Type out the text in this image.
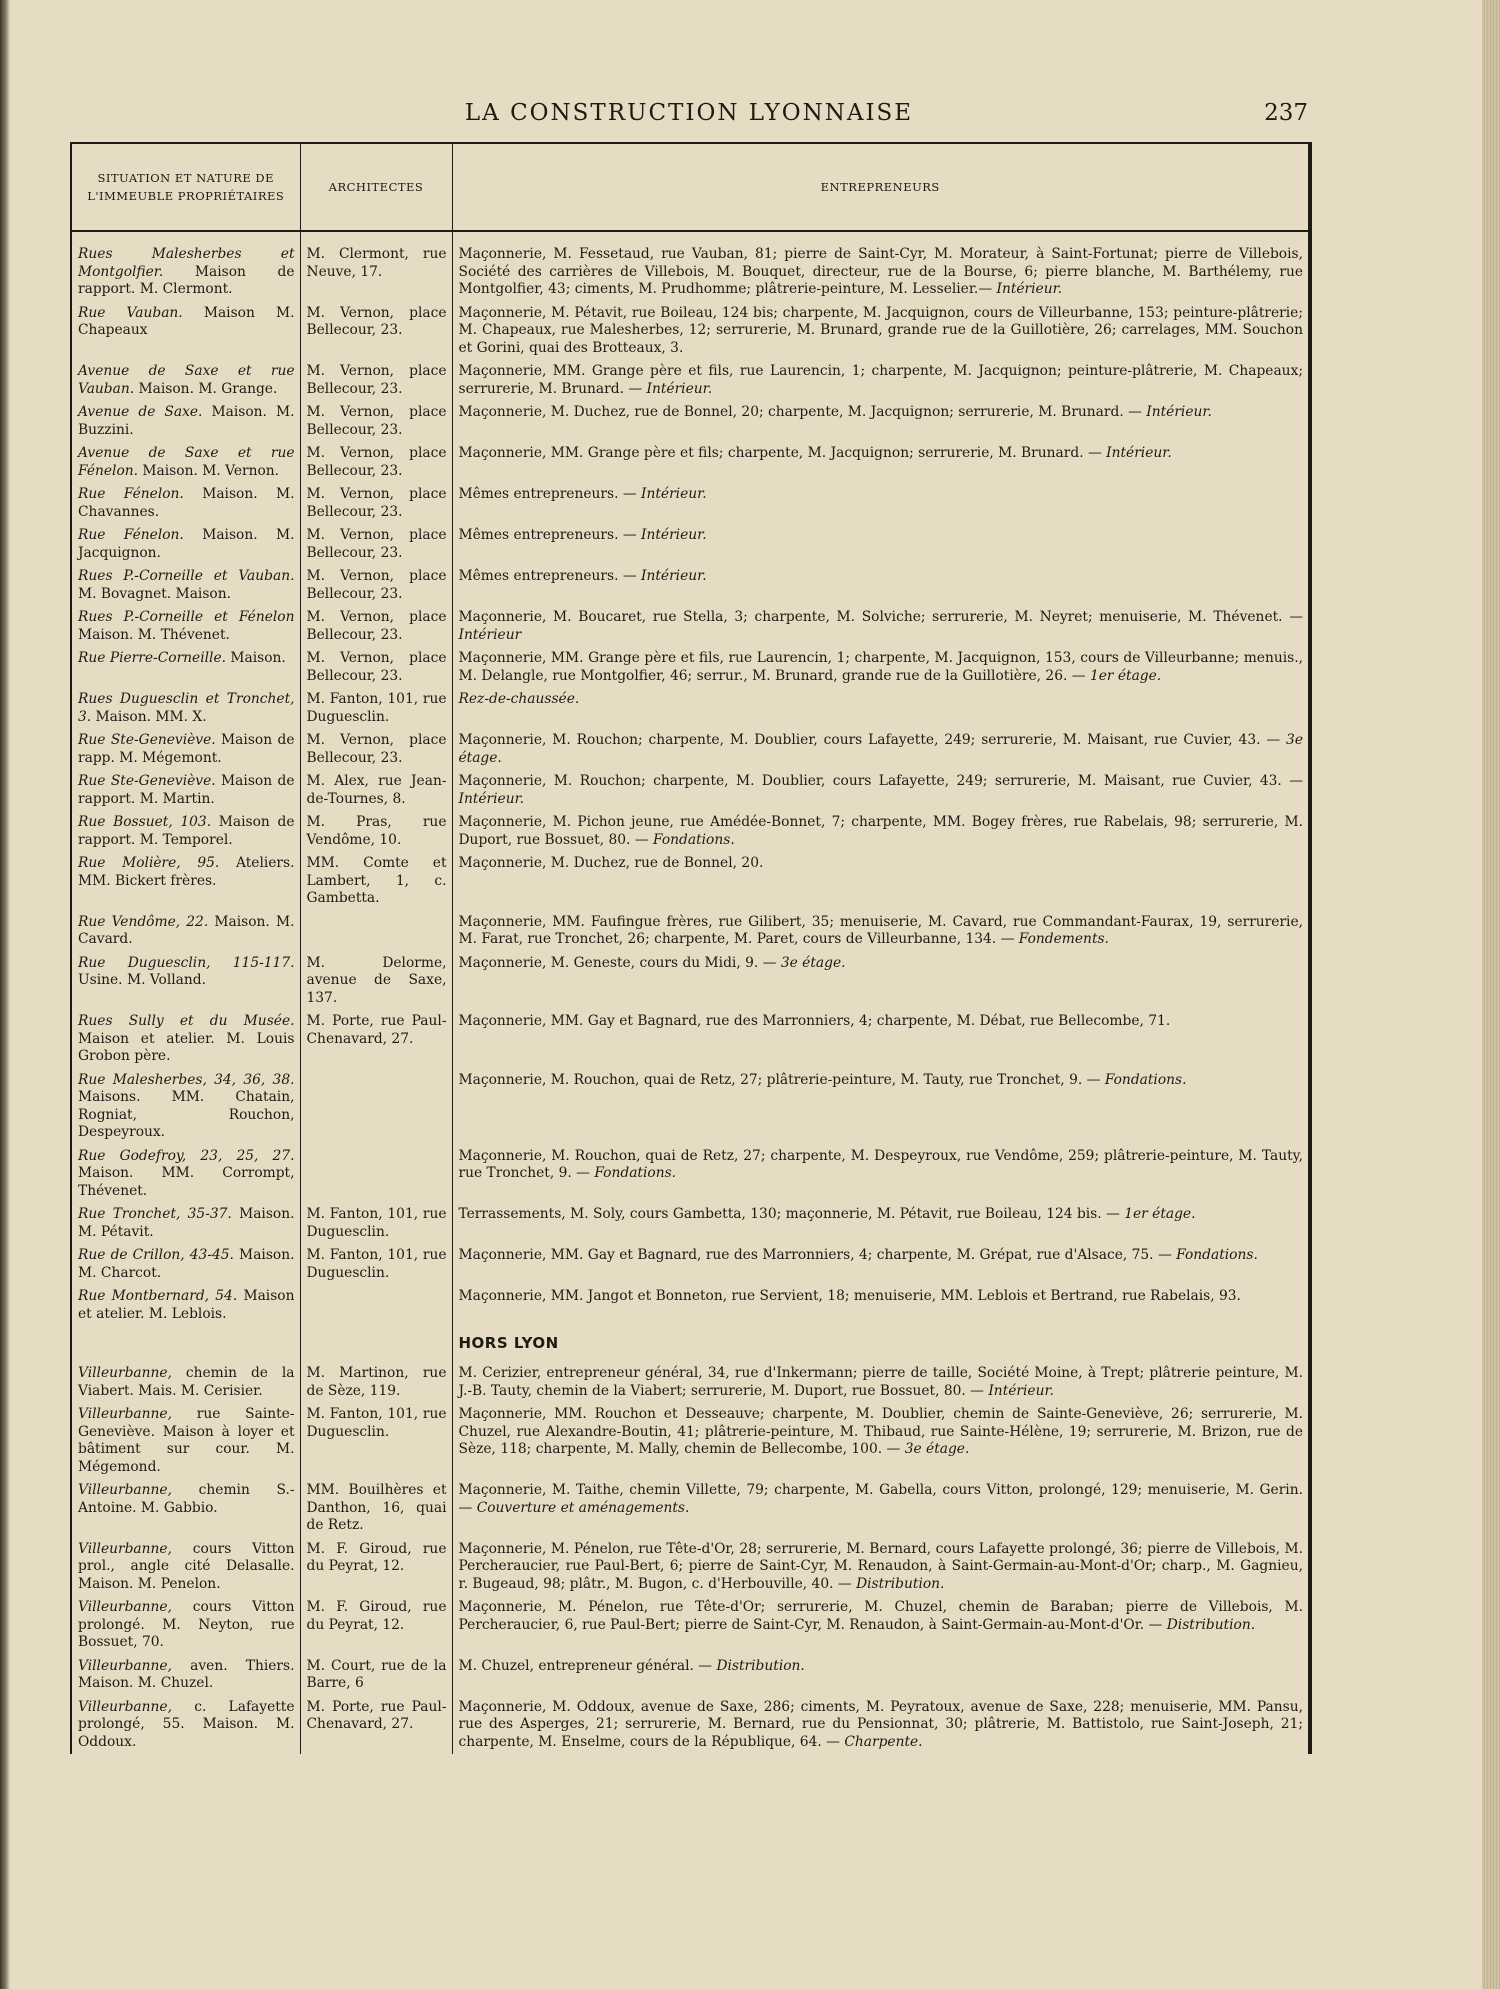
LA CONSTRUCTION LYONNAISE	237
SITUATION ET NATURE DE L'IMMEUBLE PROPRIÉTAIRES	ARCHITECTES	ENTREPRENEURS
Rues Malesherbes et Montgolfier. Maison de rapport. M. Clermont.	M. Clermont, rue Neuve, 17.	Maçonnerie, M. Fessetaud, rue Vauban, 81; pierre de Saint-Cyr, M. Morateur, à Saint-Fortunat; pierre de Villebois, Société des carrières de Villebois, M. Bouquet, directeur, rue de la Bourse, 6; pierre blanche, M. Barthélemy, rue Montgolfier, 43; ciments, M. Prudhomme; plâtrerie-peinture, M. Lesselier.— Intérieur.
Rue Vauban. Maison M. Chapeaux	M. Vernon, place Bellecour, 23.	Maçonnerie, M. Pétavit, rue Boileau, 124 bis; charpente, M. Jacquignon, cours de Villeurbanne, 153; peinture-plâtrerie; M. Chapeaux, rue Malesherbes, 12; serrurerie, M. Brunard, grande rue de la Guillotière, 26; carrelages, MM. Souchon et Gorini, quai des Brotteaux, 3.
Avenue de Saxe et rue Vauban. Maison. M. Grange.	M. Vernon, place Bellecour, 23.	Maçonnerie, MM. Grange père et fils, rue Laurencin, 1; charpente, M. Jacquignon; peinture-plâtrerie, M. Chapeaux; serrurerie, M. Brunard. — Intérieur.
Avenue de Saxe. Maison. M. Buzzini.	M. Vernon, place Bellecour, 23.	Maçonnerie, M. Duchez, rue de Bonnel, 20; charpente, M. Jacquignon; serrurerie, M. Brunard. — Intérieur.
Avenue de Saxe et rue Fénelon. Maison. M. Vernon.	M. Vernon, place Bellecour, 23.	Maçonnerie, MM. Grange père et fils; charpente, M. Jacquignon; serrurerie, M. Brunard. — Intérieur.
Rue Fénelon. Maison. M. Chavannes.	M. Vernon, place Bellecour, 23.	Mêmes entrepreneurs. — Intérieur.
Rue Fénelon. Maison. M. Jacquignon.	M. Vernon, place Bellecour, 23.	Mêmes entrepreneurs. — Intérieur.
Rues P.-Corneille et Vauban. M. Bovagnet. Maison.	M. Vernon, place Bellecour, 23.	Mêmes entrepreneurs. — Intérieur.
Rues P.-Corneille et Fénelon Maison. M. Thévenet.	M. Vernon, place Bellecour, 23.	Maçonnerie, M. Boucaret, rue Stella, 3; charpente, M. Solviche; serrurerie, M. Neyret; menuiserie, M. Thévenet. — Intérieur
Rue Pierre-Corneille. Maison.	M. Vernon, place Bellecour, 23.	Maçonnerie, MM. Grange père et fils, rue Laurencin, 1; charpente, M. Jacquignon, 153, cours de Villeurbanne; menuis., M. Delangle, rue Montgolfier, 46; serrur., M. Brunard, grande rue de la Guillotière, 26. — 1er étage.
Rues Duguesclin et Tronchet, 3. Maison. MM. X.	M. Fanton, 101, rue Duguesclin.	Rez-de-chaussée.
Rue Ste-Geneviève. Maison de rapp. M. Mégemont.	M. Vernon, place Bellecour, 23.	Maçonnerie, M. Rouchon; charpente, M. Doublier, cours Lafayette, 249; serrurerie, M. Maisant, rue Cuvier, 43. — 3e étage.
Rue Ste-Geneviève. Maison de rapport. M. Martin.	M. Alex, rue Jean-de-Tournes, 8.	Maçonnerie, M. Rouchon; charpente, M. Doublier, cours Lafayette, 249; serrurerie, M. Maisant, rue Cuvier, 43. — Intérieur.
Rue Bossuet, 103. Maison de rapport. M. Temporel.	M. Pras, rue Vendôme, 10.	Maçonnerie, M. Pichon jeune, rue Amédée-Bonnet, 7; charpente, MM. Bogey frères, rue Rabelais, 98; serrurerie, M. Duport, rue Bossuet, 80. — Fondations.
Rue Molière, 95. Ateliers. MM. Bickert frères.	MM. Comte et Lambert, 1, c. Gambetta.	Maçonnerie, M. Duchez, rue de Bonnel, 20.
Rue Vendôme, 22. Maison. M. Cavard.		Maçonnerie, MM. Faufingue frères, rue Gilibert, 35; menuiserie, M. Cavard, rue Commandant-Faurax, 19, serrurerie, M. Farat, rue Tronchet, 26; charpente, M. Paret, cours de Villeurbanne, 134. — Fondements.
Rue Duguesclin, 115-117. Usine. M. Volland.	M. Delorme, avenue de Saxe, 137.	Maçonnerie, M. Geneste, cours du Midi, 9. — 3e étage.
Rues Sully et du Musée. Maison et atelier. M. Louis Grobon père.	M. Porte, rue Paul-Chenavard, 27.	Maçonnerie, MM. Gay et Bagnard, rue des Marronniers, 4; charpente, M. Débat, rue Bellecombe, 71.
Rue Malesherbes, 34, 36, 38. Maisons. MM. Chatain, Rogniat, Rouchon, Despeyroux.		Maçonnerie, M. Rouchon, quai de Retz, 27; plâtrerie-peinture, M. Tauty, rue Tronchet, 9. — Fondations.
Rue Godefroy, 23, 25, 27. Maison. MM. Corrompt, Thévenet.		Maçonnerie, M. Rouchon, quai de Retz, 27; charpente, M. Despeyroux, rue Vendôme, 259; plâtrerie-peinture, M. Tauty, rue Tronchet, 9. — Fondations.
Rue Tronchet, 35-37. Maison. M. Pétavit.	M. Fanton, 101, rue Duguesclin.	Terrassements, M. Soly, cours Gambetta, 130; maçonnerie, M. Pétavit, rue Boileau, 124 bis. — 1er étage.
Rue de Crillon, 43-45. Maison. M. Charcot.	M. Fanton, 101, rue Duguesclin.	Maçonnerie, MM. Gay et Bagnard, rue des Marronniers, 4; charpente, M. Grépat, rue d'Alsace, 75. — Fondations.
Rue Montbernard, 54. Maison et atelier. M. Leblois.		Maçonnerie, MM. Jangot et Bonneton, rue Servient, 18; menuiserie, MM. Leblois et Bertrand, rue Rabelais, 93.
		HORS LYON
Villeurbanne, chemin de la Viabert. Mais. M. Cerisier.	M. Martinon, rue de Sèze, 119.	M. Cerizier, entrepreneur général, 34, rue d'Inkermann; pierre de taille, Société Moine, à Trept; plâtrerie peinture, M. J.-B. Tauty, chemin de la Viabert; serrurerie, M. Duport, rue Bossuet, 80. — Intérieur.
Villeurbanne, rue Sainte-Geneviève. Maison à loyer et bâtiment sur cour. M. Mégemond.	M. Fanton, 101, rue Duguesclin.	Maçonnerie, MM. Rouchon et Desseauve; charpente, M. Doublier, chemin de Sainte-Geneviève, 26; serrurerie, M. Chuzel, rue Alexandre-Boutin, 41; plâtrerie-peinture, M. Thibaud, rue Sainte-Hélène, 19; serrurerie, M. Brizon, rue de Sèze, 118; charpente, M. Mally, chemin de Bellecombe, 100. — 3e étage.
Villeurbanne, chemin S.-Antoine. M. Gabbio.	MM. Bouilhères et Danthon, 16, quai de Retz.	Maçonnerie, M. Taithe, chemin Villette, 79; charpente, M. Gabella, cours Vitton, prolongé, 129; menuiserie, M. Gerin. — Couverture et aménagements.
Villeurbanne, cours Vitton prol., angle cité Delasalle. Maison. M. Penelon.	M. F. Giroud, rue du Peyrat, 12.	Maçonnerie, M. Pénelon, rue Tête-d'Or, 28; serrurerie, M. Bernard, cours Lafayette prolongé, 36; pierre de Villebois, M. Percheraucier, rue Paul-Bert, 6; pierre de Saint-Cyr, M. Renaudon, à Saint-Germain-au-Mont-d'Or; charp., M. Gagnieu, r. Bugeaud, 98; plâtr., M. Bugon, c. d'Herbouville, 40. — Distribution.
Villeurbanne, cours Vitton prolongé. M. Neyton, rue Bossuet, 70.	M. F. Giroud, rue du Peyrat, 12.	Maçonnerie, M. Pénelon, rue Tête-d'Or; serrurerie, M. Chuzel, chemin de Baraban; pierre de Villebois, M. Percheraucier, 6, rue Paul-Bert; pierre de Saint-Cyr, M. Renaudon, à Saint-Germain-au-Mont-d'Or. — Distribution.
Villeurbanne, aven. Thiers. Maison. M. Chuzel.	M. Court, rue de la Barre, 6	M. Chuzel, entrepreneur général. — Distribution.
Villeurbanne, c. Lafayette prolongé, 55. Maison. M. Oddoux.	M. Porte, rue Paul-Chenavard, 27.	Maçonnerie, M. Oddoux, avenue de Saxe, 286; ciments, M. Peyratoux, avenue de Saxe, 228; menuiserie, MM. Pansu, rue des Asperges, 21; serrurerie, M. Bernard, rue du Pensionnat, 30; plâtrerie, M. Battistolo, rue Saint-Joseph, 21; charpente, M. Enselme, cours de la République, 64. — Charpente.
